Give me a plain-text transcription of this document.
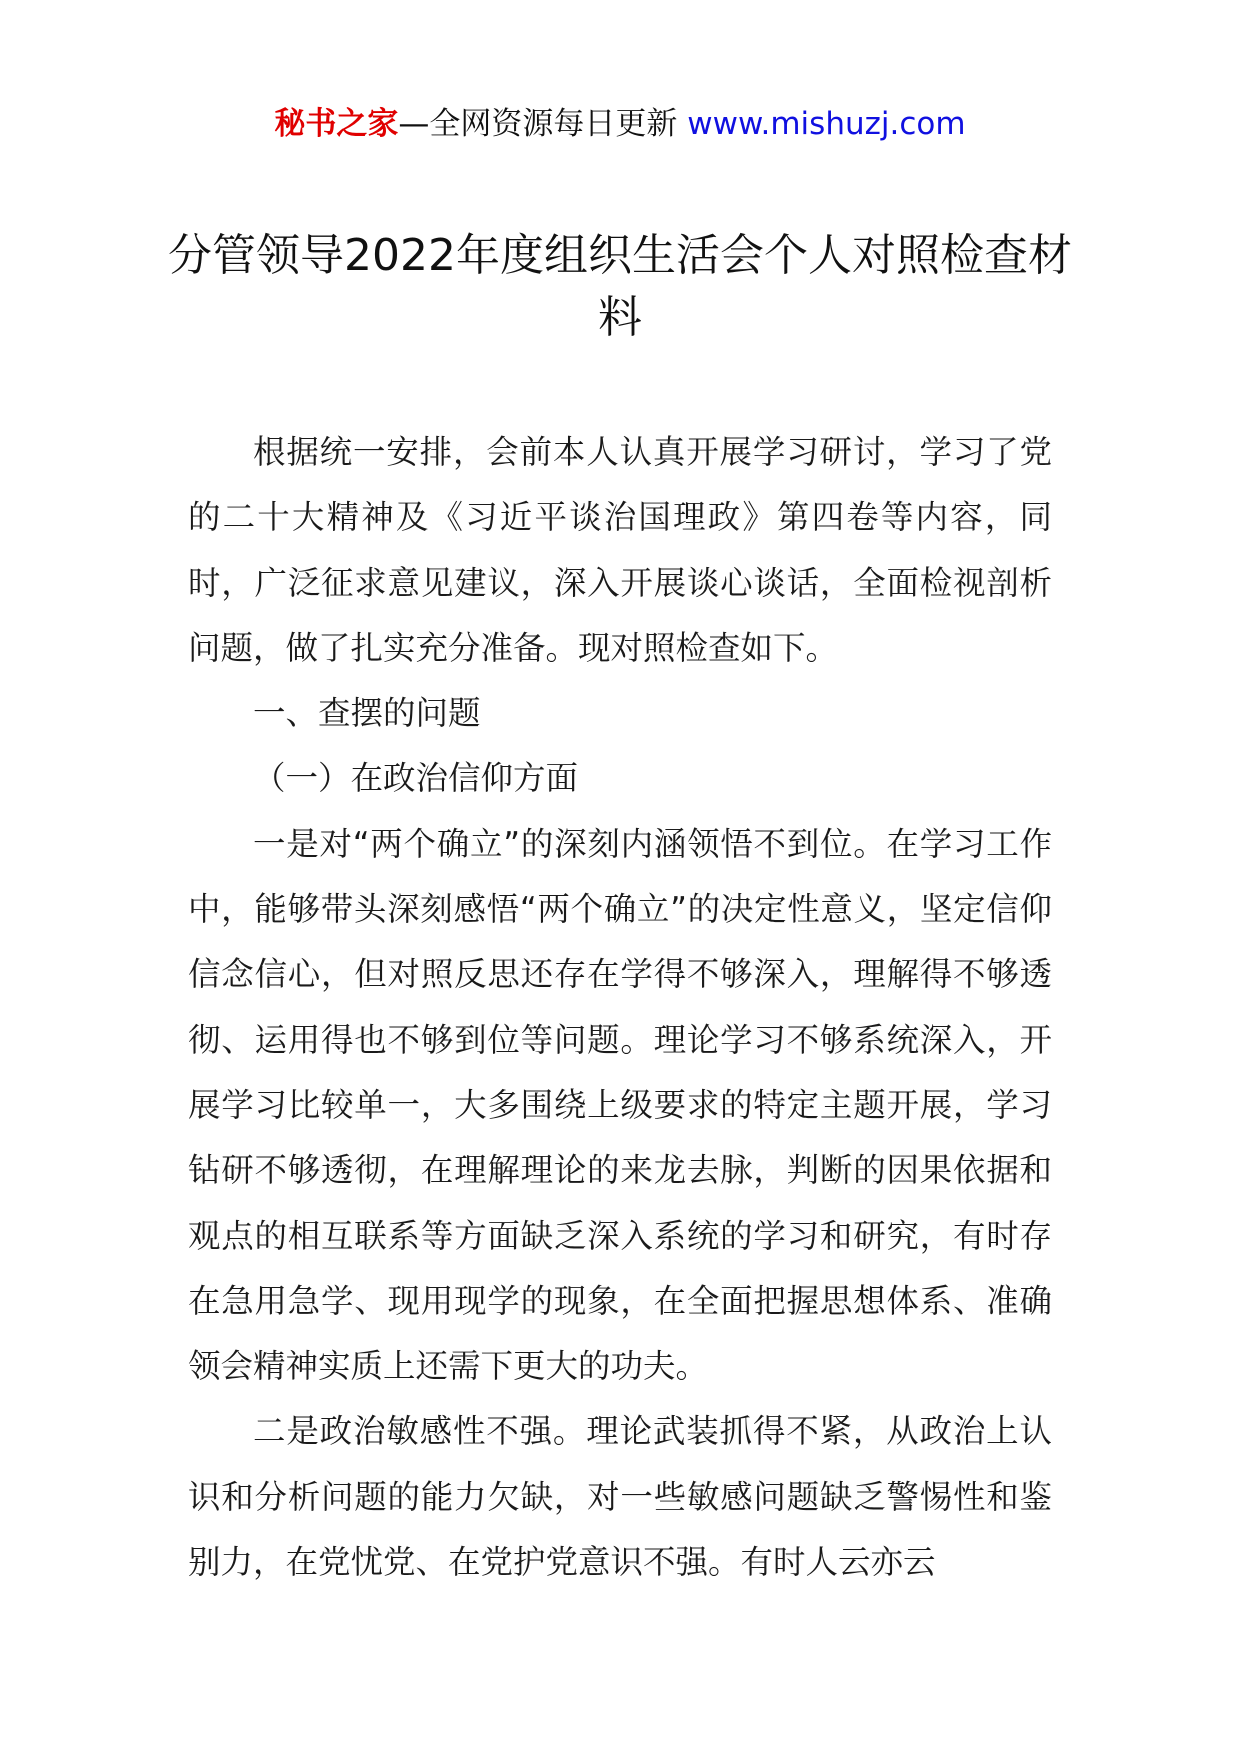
秘书之家—全网资源每日更新 www.mishuzj.com
分管领导2022年度组织生活会个人对照检查材料

根据统一安排，会前本人认真开展学习研讨，学习了党的二十大精神及《习近平谈治国理政》第四卷等内容，同时，广泛征求意见建议，深入开展谈心谈话，全面检视剖析问题，做了扎实充分准备。现对照检查如下。

一、查摆的问题

（一）在政治信仰方面

一是对“两个确立”的深刻内涵领悟不到位。在学习工作中，能够带头深刻感悟“两个确立”的决定性意义，坚定信仰信念信心，但对照反思还存在学得不够深入，理解得不够透彻、运用得也不够到位等问题。理论学习不够系统深入，开展学习比较单一，大多围绕上级要求的特定主题开展，学习钻研不够透彻，在理解理论的来龙去脉，判断的因果依据和观点的相互联系等方面缺乏深入系统的学习和研究，有时存在急用急学、现用现学的现象，在全面把握思想体系、准确领会精神实质上还需下更大的功夫。

二是政治敏感性不强。理论武装抓得不紧，从政治上认识和分析问题的能力欠缺，对一些敏感问题缺乏警惕性和鉴别力，在党忧党、在党护党意识不强。有时人云亦云
